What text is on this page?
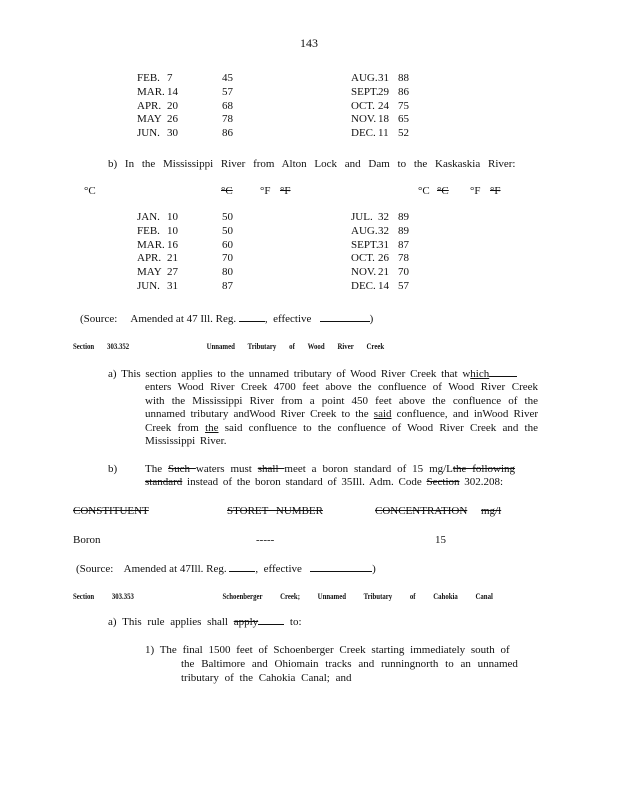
143
FEB. 7	45	AUG. 31 88
MAR. 14	57	SEPT. 29 86
APR. 20	68	OCT. 24 75
MAY 26	78	NOV. 18 65
JUN. 30	86	DEC. 11 52
b) In the Mississippi River from Alton Lock and Dam to the Kaskaskia River:
°C	°C °F °F	°C °C °F °F
JAN. 10	50	JUL. 32 89
FEB. 10	50	AUG. 32 89
MAR. 16	60	SEPT. 31 87
APR. 21	70	OCT. 26 78
MAY 27	80	NOV. 21 70
JUN. 31	87	DEC. 14 57
(Source: Amended at 47 Ill. Reg.	,  effective	)
Section 303.352	Unnamed Tributary of Wood River Creek
a) This section applies to the unnamed tributary of Wood River Creek that which
enters Wood River Creek 4700 feet above the confluence of Wood River Creek with the Mississippi River from a point 450 feet above the confluence of the unnamed tributary andWood River Creek to the said confluence, and inWood River Creek from the said confluence to the confluence of Wood River Creek and the Mississippi River.
b)	The Such waters must shall meet a boron standard of 15 mg/Lthe following standard instead of the boron standard of 35Ill. Adm. Code Section 302.208:
CONSTITUENT	STORET NUMBER	CONCENTRATION mg/l
Boron	-----	15
(Source: Amended at 47Ill. Reg.	,  effective	)
Section 303.353	Schoenberger Creek; Unnamed Tributary of Cahokia Canal
a) This rule applies shall apply to:
1) The final 1500 feet of Schoenberger Creek starting immediately south of
the Baltimore and Ohiomain tracks and runningnorth to an unnamed
tributary of the Cahokia Canal; and
